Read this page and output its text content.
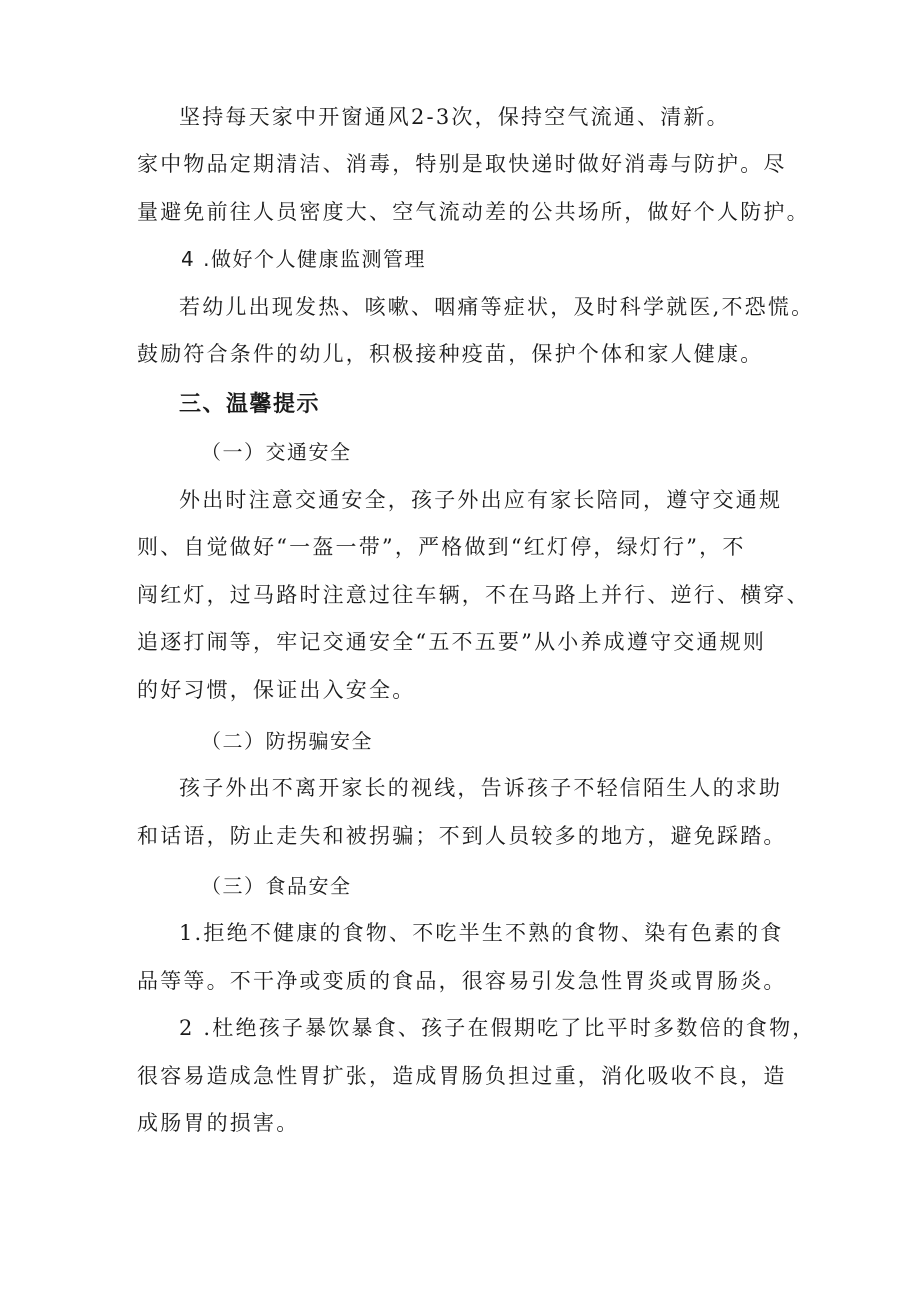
坚持每天家中开窗通风2-3次，保持空气流通、清新。
家中物品定期清洁、消毒，特别是取快递时做好消毒与防护。尽
量避免前往人员密度大、空气流动差的公共场所，做好个人防护。
4 .做好个人健康监测管理
若幼儿出现发热、咳嗽、咽痛等症状，及时科学就医,不恐慌。
鼓励符合条件的幼儿，积极接种疫苗，保护个体和家人健康。
三、温馨提示
（一）交通安全
外出时注意交通安全，孩子外出应有家长陪同，遵守交通规
则、自觉做好“一盔一带”，严格做到“红灯停，绿灯行”，不
闯红灯，过马路时注意过往车辆，不在马路上并行、逆行、横穿、
追逐打闹等，牢记交通安全“五不五要”从小养成遵守交通规则
的好习惯，保证出入安全。
（二）防拐骗安全
孩子外出不离开家长的视线，告诉孩子不轻信陌生人的求助
和话语，防止走失和被拐骗；不到人员较多的地方，避免踩踏。
（三）食品安全
1.拒绝不健康的食物、不吃半生不熟的食物、染有色素的食
品等等。不干净或变质的食品，很容易引发急性胃炎或胃肠炎。
2 .杜绝孩子暴饮暴食、孩子在假期吃了比平时多数倍的食物，
很容易造成急性胃扩张，造成胃肠负担过重，消化吸收不良，造
成肠胃的损害。
